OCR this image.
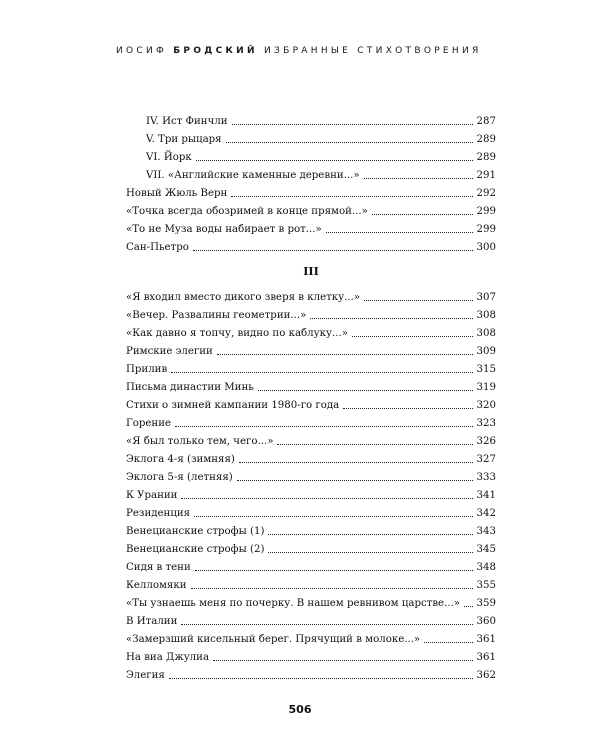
ИОСИФ БРОДСКИЙ ИЗБРАННЫЕ СТИХОТВОРЕНИЯ
IV. Ист Финчли	287
V. Три рыцаря	289
VI. Йорк	289
VII. «Английские каменные деревни...»	291
Новый Жюль Верн	292
«Точка всегда обозримей в конце прямой...»	299
«То не Муза воды набирает в рот...»	299
Сан-Пьетро	300
III
«Я входил вместо дикого зверя в клетку...»	307
«Вечер. Развалины геометрии...»	308
«Как давно я топчу, видно по каблуку...»	308
Римские элегии	309
Прилив	315
Письма династии Минь	319
Стихи о зимней кампании 1980-го года	320
Горение	323
«Я был только тем, чего...»	326
Эклога 4-я (зимняя)	327
Эклога 5-я (летняя)	333
К Урании	341
Резиденция	342
Венецианские строфы (1)	343
Венецианские строфы (2)	345
Сидя в тени	348
Келломяки	355
«Ты узнаешь меня по почерку. В нашем ревнивом царстве...» 359
В Италии	360
«Замерзший кисельный берег. Прячущий в молоке...»	361
На виа Джулиа	361
Элегия	362
506
